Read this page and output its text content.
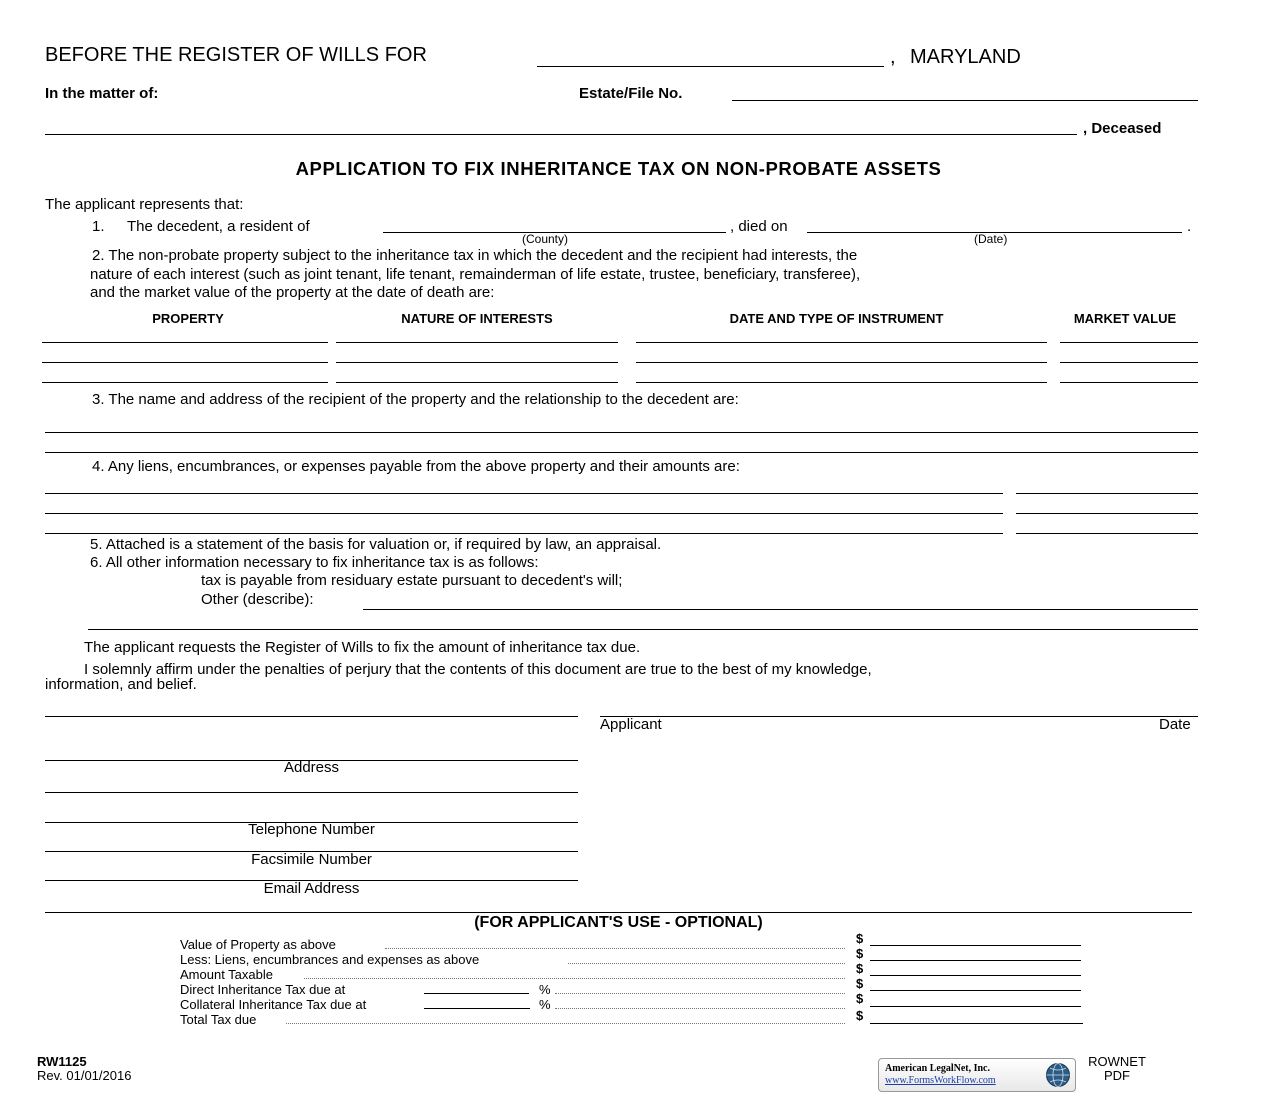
BEFORE THE REGISTER OF WILLS FOR	, MARYLAND
In the matter of:	Estate/File No.
, Deceased
APPLICATION TO FIX INHERITANCE TAX ON NON-PROBATE ASSETS
The applicant represents that:
1. The decedent, a resident of	, died on	.
(County)	(Date)
2. The non-probate property subject to the inheritance tax in which the decedent and the recipient had interests, the
nature of each interest (such as joint tenant, life tenant, remainderman of life estate, trustee, beneficiary, transferee),
and the market value of the property at the date of death are:
PROPERTY	NATURE OF INTERESTS	DATE AND TYPE OF INSTRUMENT	MARKET VALUE
3. The name and address of the recipient of the property and the relationship to the decedent are:
4. Any liens, encumbrances, or expenses payable from the above property and their amounts are:
5. Attached is a statement of the basis for valuation or, if required by law, an appraisal.
6. All other information necessary to fix inheritance tax is as follows:
tax is payable from residuary estate pursuant to decedent's will;
Other (describe):
The applicant requests the Register of Wills to fix the amount of inheritance tax due.
I solemnly affirm under the penalties of perjury that the contents of this document are true to the best of my knowledge,
information, and belief.
Applicant	Date
Address
Telephone Number
Facsimile Number
Email Address
(FOR APPLICANT'S USE - OPTIONAL)
Value of Property as above	$
Less: Liens, encumbrances and expenses as above	$
Amount Taxable	$
Direct Inheritance Tax due at	%	$
Collateral Inheritance Tax due at	%	$
Total Tax due	$
RW1125
Rev. 01/01/2016	American LegalNet, Inc.
www.FormsWorkFlow.com
ROWNET
PDF
